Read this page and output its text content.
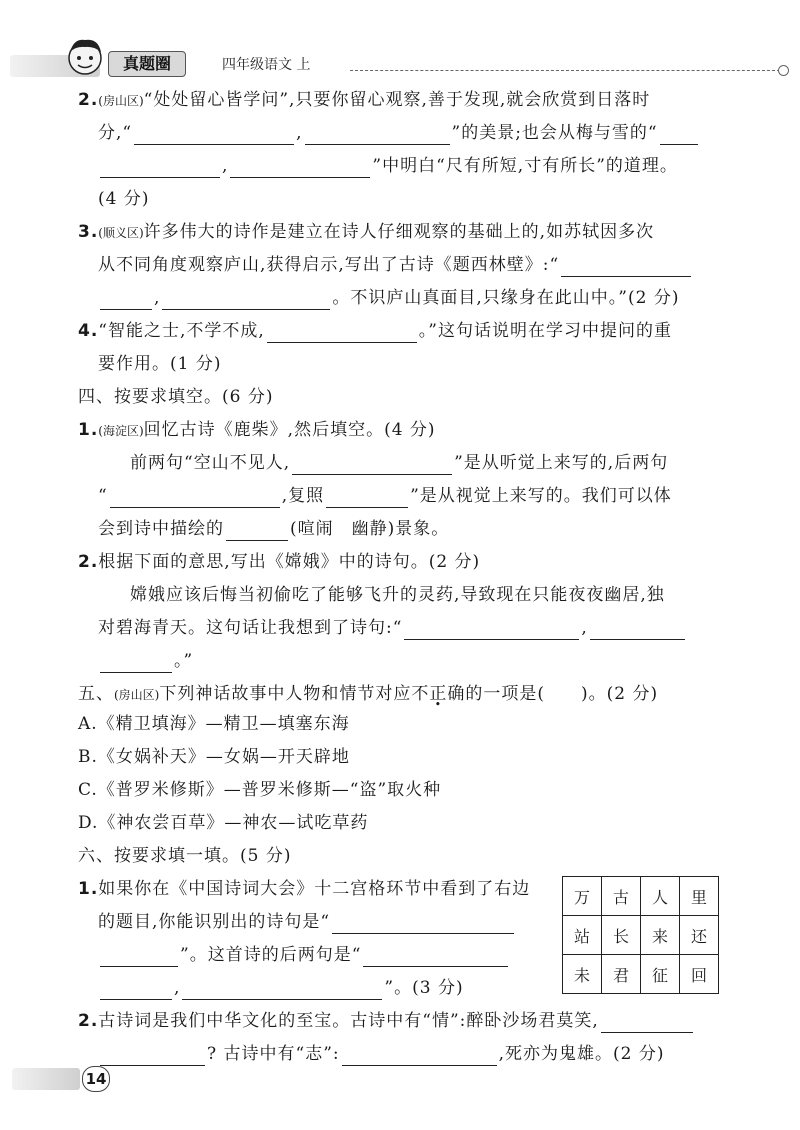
真题圈	四年级语文 上
2.(房山区)“处处留心皆学问”,只要你留心观察,善于发现,就会欣赏到日落时
分,“	,	”的美景;也会从梅与雪的“
,	”中明白“尺有所短,寸有所长”的道理。
(4 分)
3.(顺义区)许多伟大的诗作是建立在诗人仔细观察的基础上的,如苏轼因多次
从不同角度观察庐山,获得启示,写出了古诗《题西林壁》:“
,	。不识庐山真面目,只缘身在此山中。”(2 分)
4.“智能之士,不学不成,	。”这句话说明在学习中提问的重
要作用。(1 分)
四、按要求填空。(6 分)
1.(海淀区)回忆古诗《鹿柴》,然后填空。(4 分)
前两句“空山不见人,	”是从听觉上来写的,后两句
“	,复照	”是从视觉上来写的。我们可以体
会到诗中描绘的	(喧闹　幽静)景象。
2.根据下面的意思,写出《嫦娥》中的诗句。(2 分)
嫦娥应该后悔当初偷吃了能够飞升的灵药,导致现在只能夜夜幽居,独
对碧海青天。这句话让我想到了诗句:“	,
。”
五、(房山区)下列神话故事中人物和情节对应不正确的一项是(　　)。(2 分)
A.《精卫填海》—精卫—填塞东海
B.《女娲补天》—女娲—开天辟地
C.《普罗米修斯》—普罗米修斯—“盗”取火种
D.《神农尝百草》—神农—试吃草药
六、按要求填一填。(5 分)
1.如果你在《中国诗词大会》十二宫格环节中看到了右边
的题目,你能识别出的诗句是“
”。这首诗的后两句是“
,	”。(3 分)
万	古	人	里
站	长	来	还
未	君	征	回
2.古诗词是我们中华文化的至宝。古诗中有“情”:醉卧沙场君莫笑,
? 古诗中有“志”:	,死亦为鬼雄。(2 分)
14
